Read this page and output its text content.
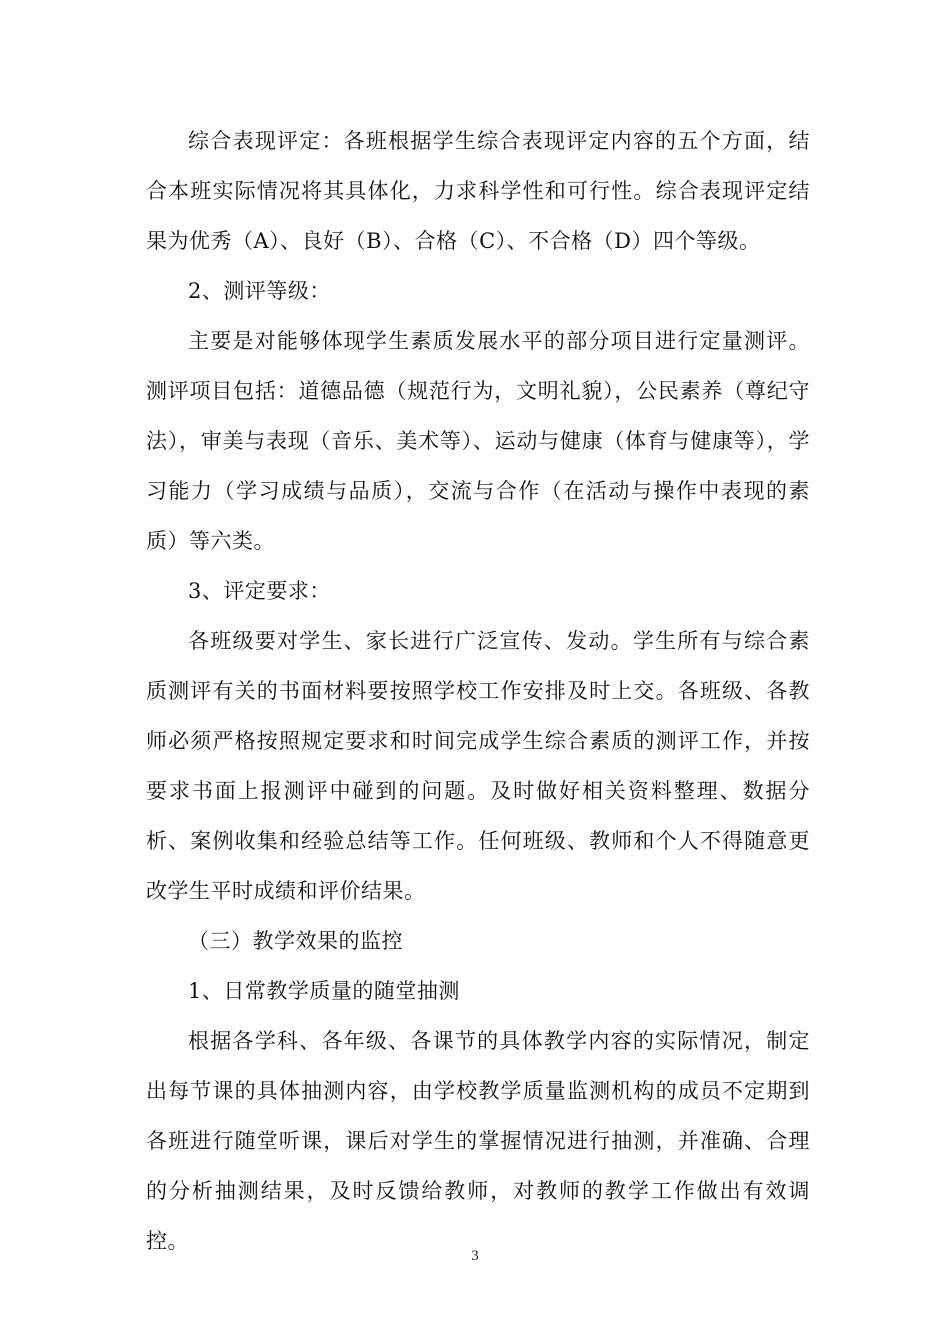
综合表现评定：各班根据学生综合表现评定内容的五个方面，结合本班实际情况将其具体化，力求科学性和可行性。综合表现评定结果为优秀（A）、良好（B）、合格（C）、不合格（D）四个等级。

2、测评等级：

主要是对能够体现学生素质发展水平的部分项目进行定量测评。测评项目包括：道德品德（规范行为，文明礼貌），公民素养（尊纪守法），审美与表现（音乐、美术等）、运动与健康（体育与健康等），学习能力（学习成绩与品质），交流与合作（在活动与操作中表现的素质）等六类。

3、评定要求：

各班级要对学生、家长进行广泛宣传、发动。学生所有与综合素质测评有关的书面材料要按照学校工作安排及时上交。各班级、各教师必须严格按照规定要求和时间完成学生综合素质的测评工作，并按要求书面上报测评中碰到的问题。及时做好相关资料整理、数据分析、案例收集和经验总结等工作。任何班级、教师和个人不得随意更改学生平时成绩和评价结果。

（三）教学效果的监控

1、日常教学质量的随堂抽测

根据各学科、各年级、各课节的具体教学内容的实际情况，制定出每节课的具体抽测内容，由学校教学质量监测机构的成员不定期到各班进行随堂听课，课后对学生的掌握情况进行抽测，并准确、合理的分析抽测结果，及时反馈给教师，对教师的教学工作做出有效调控。

3
